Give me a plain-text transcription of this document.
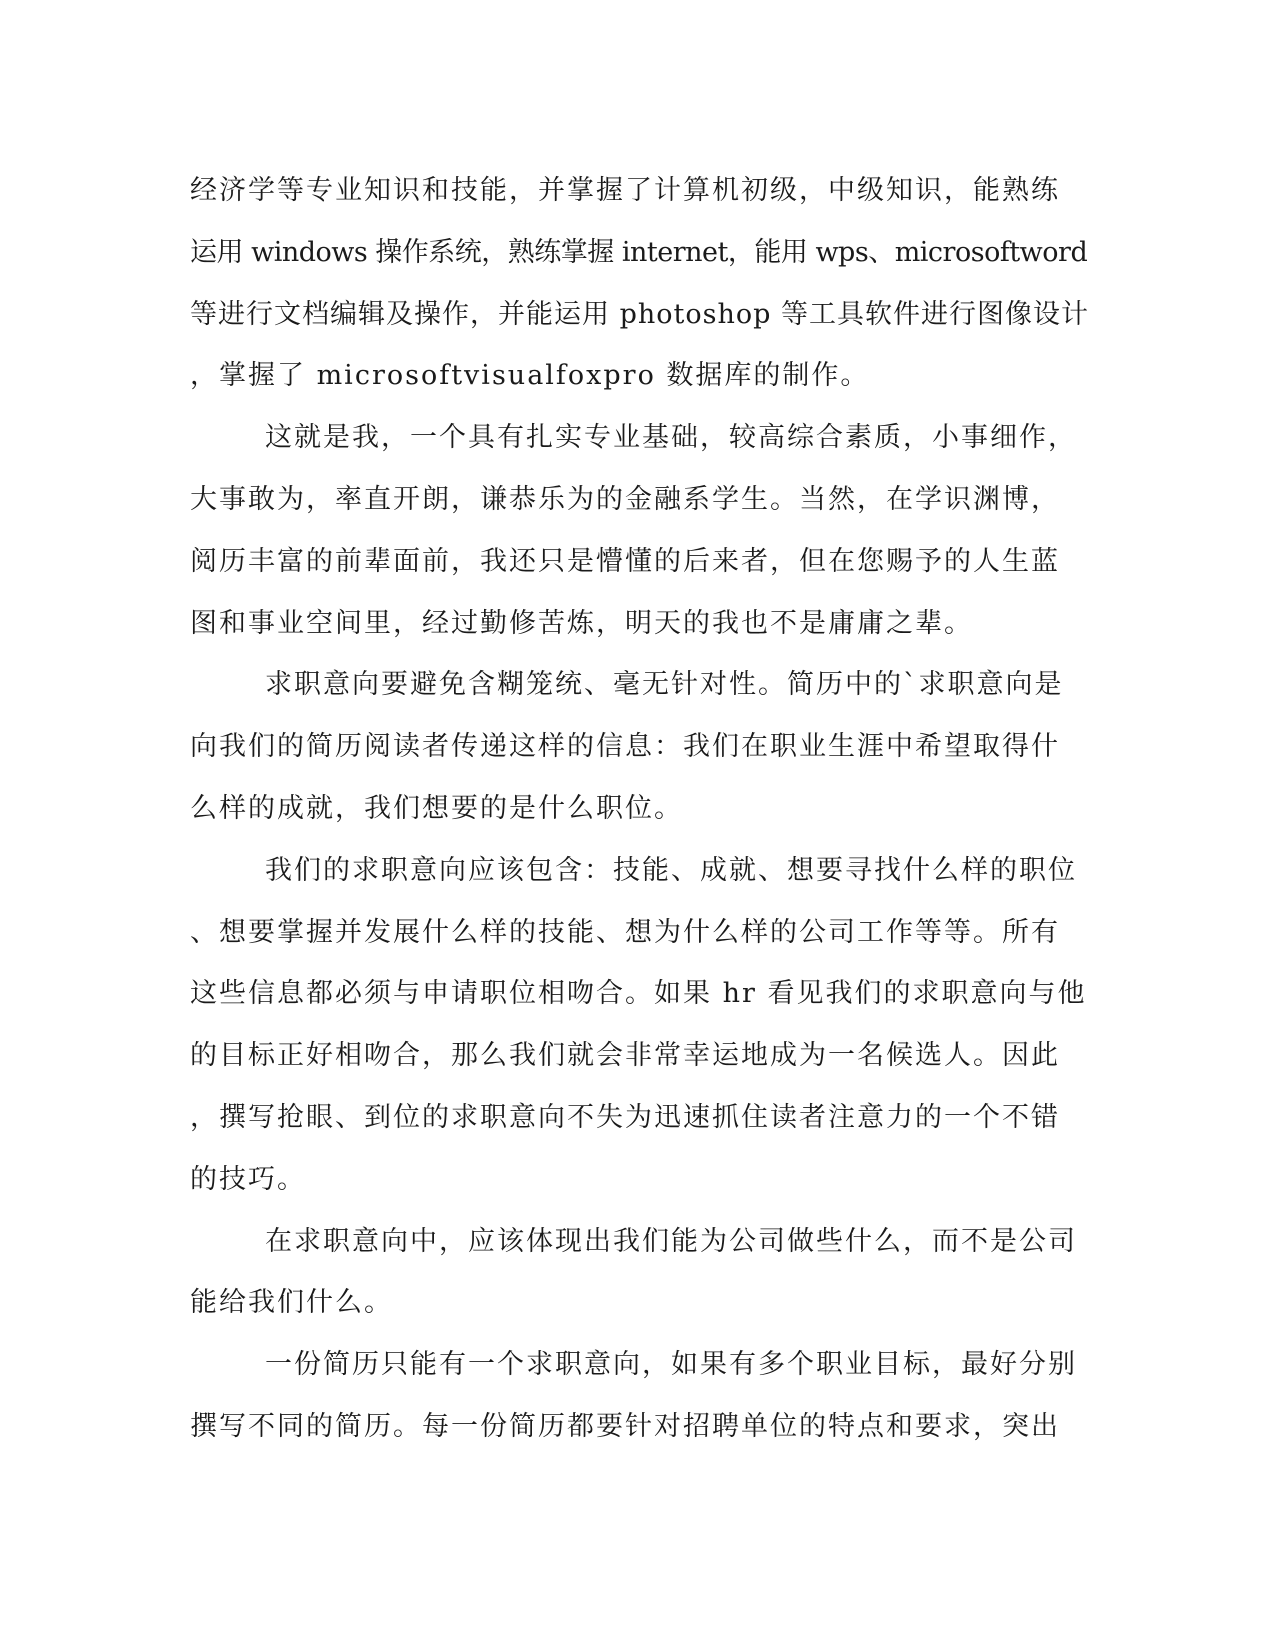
经济学等专业知识和技能，并掌握了计算机初级，中级知识，能熟练
运用 windows 操作系统，熟练掌握 internet，能用 wps、microsoftword
等进行文档编辑及操作，并能运用 photoshop 等工具软件进行图像设计
，掌握了 microsoftvisualfoxpro 数据库的制作。
这就是我，一个具有扎实专业基础，较高综合素质，小事细作，
大事敢为，率直开朗，谦恭乐为的金融系学生。当然，在学识渊博，
阅历丰富的前辈面前，我还只是懵懂的后来者，但在您赐予的人生蓝
图和事业空间里，经过勤修苦炼，明天的我也不是庸庸之辈。
求职意向要避免含糊笼统、毫无针对性。简历中的`求职意向是
向我们的简历阅读者传递这样的信息：我们在职业生涯中希望取得什
么样的成就，我们想要的是什么职位。
我们的求职意向应该包含：技能、成就、想要寻找什么样的职位
、想要掌握并发展什么样的技能、想为什么样的公司工作等等。所有
这些信息都必须与申请职位相吻合。如果 hr 看见我们的求职意向与他
的目标正好相吻合，那么我们就会非常幸运地成为一名候选人。因此
，撰写抢眼、到位的求职意向不失为迅速抓住读者注意力的一个不错
的技巧。
在求职意向中，应该体现出我们能为公司做些什么，而不是公司
能给我们什么。
一份简历只能有一个求职意向，如果有多个职业目标，最好分别
撰写不同的简历。每一份简历都要针对招聘单位的特点和要求，突出
